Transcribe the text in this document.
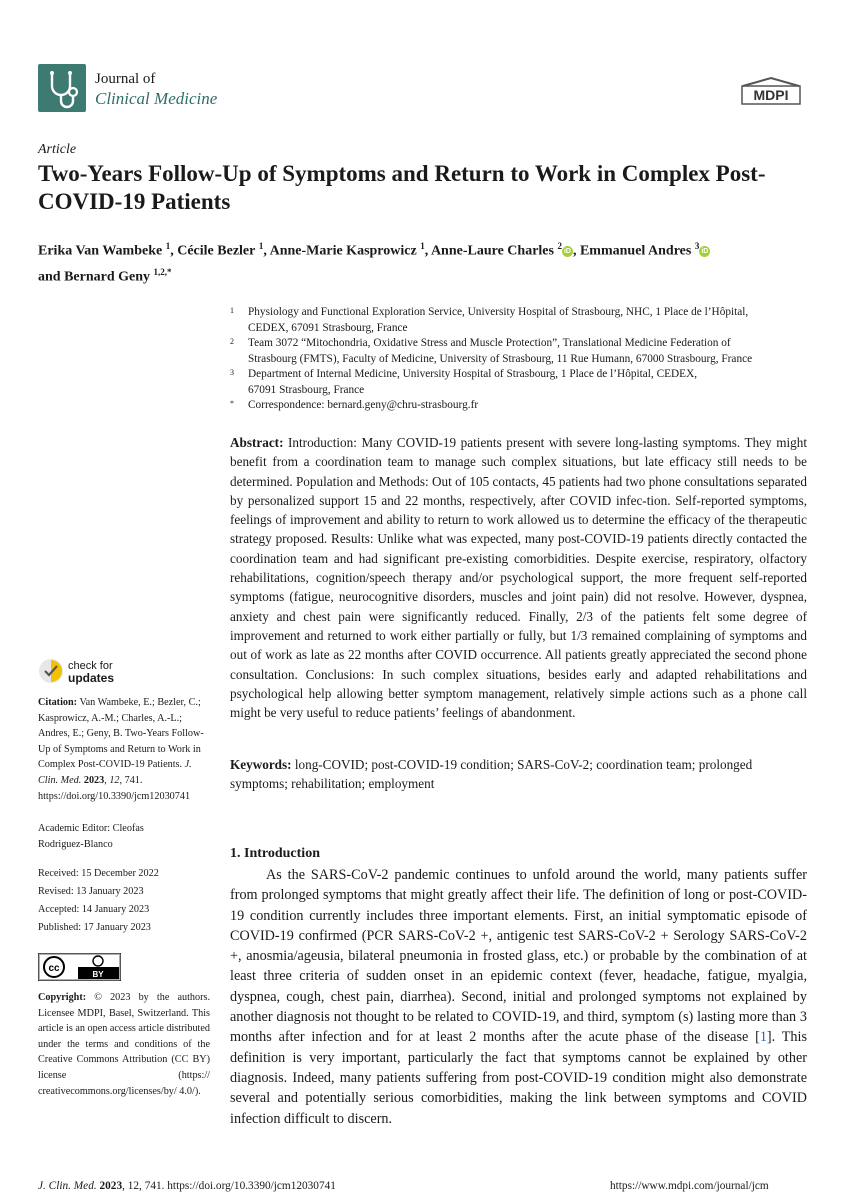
Journal of
Clinical Medicine	MDPI
Article
Two-Years Follow-Up of Symptoms and Return to Work in Complex Post-COVID-19 Patients
Erika Van Wambeke $^1$, Cécile Bezler $^1$, Anne-Marie Kasprowicz $^1$, Anne-Laure Charles $^2$iD , Emmanuel Andres $^3$iD
and Bernard Geny $^{1,2,*}$
1 Physiology and Functional Exploration Service, University Hospital of Strasbourg, NHC, 1 Place de l’Hôpital,
CEDEX, 67091 Strasbourg, France
2 Team 3072 “Mitochondria, Oxidative Stress and Muscle Protection”, Translational Medicine Federation of
Strasbourg (FMTS), Faculty of Medicine, University of Strasbourg, 11 Rue Humann, 67000 Strasbourg, France
3 Department of Internal Medicine, University Hospital of Strasbourg, 1 Place de l’Hôpital, CEDEX,
67091 Strasbourg, France
* Correspondence: bernard.geny@chru-strasbourg.fr
Abstract: Introduction: Many COVID-19 patients present with severe long-lasting symptoms. They might benefit from a coordination team to manage such complex situations, but late efficacy still needs to be determined. Population and Methods: Out of 105 contacts, 45 patients had two phone consultations separated by personalized support 15 and 22 months, respectively, after COVID infec-tion. Self-reported symptoms, feelings of improvement and ability to return to work allowed us to determine the efficacy of the therapeutic strategy proposed. Results: Unlike what was expected, many post-COVID-19 patients directly contacted the coordination team and had significant pre-existing comorbidities. Despite exercise, respiratory, olfactory rehabilitations, cognition/speech therapy and/or psychological support, the more frequent self-reported symptoms (fatigue, neurocognitive disorders, muscles and joint pain) did not resolve. However, dyspnea, anxiety and chest pain were significantly reduced. Finally, 2/3 of the patients felt some degree of improvement and returned to work either partially or fully, but 1/3 remained complaining of symptoms and out of work as late as 22 months after COVID occurrence. All patients greatly appreciated the second phone consultation. Conclusions: In such complex situations, besides early and adapted rehabilitations and psychological help allowing better symptom management, relatively simple actions such as a phone call might be very useful to reduce patients’ feelings of abandonment.
Keywords: long-COVID; post-COVID-19 condition; SARS-CoV-2; coordination team; prolonged symptoms; rehabilitation; employment
check for
updates
Citation: Van Wambeke, E.; Bezler, C.; Kasprowicz, A.-M.; Charles, A.-L.; Andres, E.; Geny, B. Two-Years Follow-Up of Symptoms and Return to Work in Complex Post-COVID-19 Patients. J. Clin. Med. 2023, 12, 741. https://doi.org/10.3390/jcm12030741
Academic Editor: Cleofas Rodriguez-Blanco
Received: 15 December 2022
Revised: 13 January 2023
Accepted: 14 January 2023
Published: 17 January 2023
cc
BY
Copyright: © 2023 by the authors. Licensee MDPI, Basel, Switzerland. This article is an open access article distributed under the terms and conditions of the Creative Commons Attribution (CC BY) license (https:// creativecommons.org/licenses/by/ 4.0/).
1. Introduction
As the SARS-CoV-2 pandemic continues to unfold around the world, many patients suffer from prolonged symptoms that might greatly affect their life. The definition of long or post-COVID-19 condition currently includes three important elements. First, an initial symptomatic episode of COVID-19 confirmed (PCR SARS-CoV-2 +, antigenic test SARS-CoV-2 + Serology SARS-CoV-2 +, anosmia/ageusia, bilateral pneumonia in frosted glass, etc.) or probable by the combination of at least three criteria of sudden onset in an epidemic context (fever, headache, fatigue, myalgia, dyspnea, cough, chest pain, diarrhea). Second, initial and prolonged symptoms not explained by another diagnosis not thought to be related to COVID-19, and third, symptom (s) lasting more than 3 months after infection and for at least 2 months after the acute phase of the disease [1]. This definition is very important, particularly the fact that symptoms cannot be explained by other diagnosis. Indeed, many patients suffering from post-COVID-19 condition might also demonstrate several and potentially serious comorbidities, making the link between symptoms and COVID infection difficult to discern.
J. Clin. Med. 2023, 12, 741. https://doi.org/10.3390/jcm12030741	https://www.mdpi.com/journal/jcm
